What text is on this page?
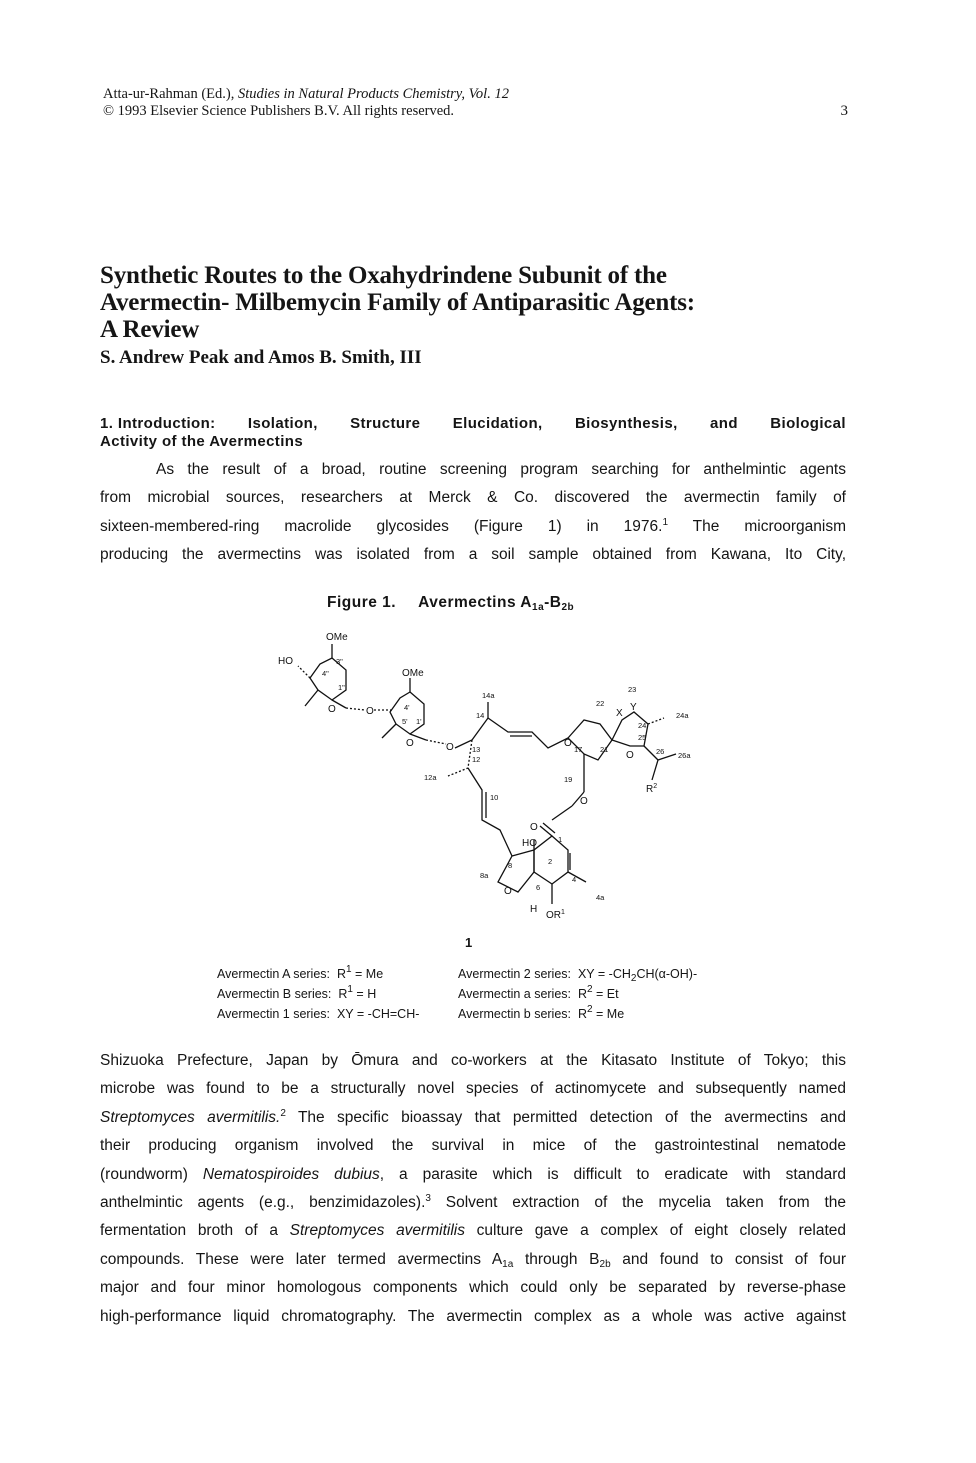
Atta-ur-Rahman (Ed.), Studies in Natural Products Chemistry, Vol. 12
© 1993 Elsevier Science Publishers B.V. All rights reserved.	3
Synthetic Routes to the Oxahydrindene Subunit of the
Avermectin- Milbemycin Family of Antiparasitic Agents:
A Review
S. Andrew Peak and Amos B. Smith, III
1. Introduction: Isolation, Structure Elucidation, Biosynthesis, and Biological
Activity of the Avermectins
As the result of a broad, routine screening program searching for anthelmintic agents
from microbial sources, researchers at Merck & Co. discovered the avermectin family of
sixteen-membered-ring macrolide glycosides (Figure 1) in 1976.$^1$ The microorganism
producing the avermectins was isolated from a soil sample obtained from Kawana, Ito City,
Figure 1. Avermectins $A_{1a}-B_{2b}$
OMe
HO
O
OMe
O
O
O	O
O
O
O
HO
O
H
$OR^1$
$R^2$
X
Y
3"
4"
1"
4'
5' 1'
14a
14
13
12
12a
10
23
22
24
24a
25
26 26a
17 21
19
1
2
8
8a
6
4
4a
1
Avermectin A series: $R^1 = Me$	Avermectin 2 series: XY = $-CH_2CH(\alpha-OH)-$
Avermectin B series: $R^1 = H$	Avermectin a series: $R^2 = Et$
Avermectin 1 series: XY = -CH=CH-	Avermectin b series: $R^2 = Me$
Shizuoka Prefecture, Japan by Ōmura and co-workers at the Kitasato Institute of Tokyo; this
microbe was found to be a structurally novel species of actinomycete and subsequently named
Streptomyces avermitilis.$^2$ The specific bioassay that permitted detection of the avermectins and
their producing organism involved the survival in mice of the gastrointestinal nematode
(roundworm) Nematospiroides dubius, a parasite which is difficult to eradicate with standard
anthelmintic agents (e.g., benzimidazoles).$^3$ Solvent extraction of the mycelia taken from the
fermentation broth of a Streptomyces avermitilis culture gave a complex of eight closely related
compounds. These were later termed avermectins $A_{1a}$ through $B_{2b}$ and found to consist of four
major and four minor homologous components which could only be separated by reverse-phase
high-performance liquid chromatography. The avermectin complex as a whole was active against
